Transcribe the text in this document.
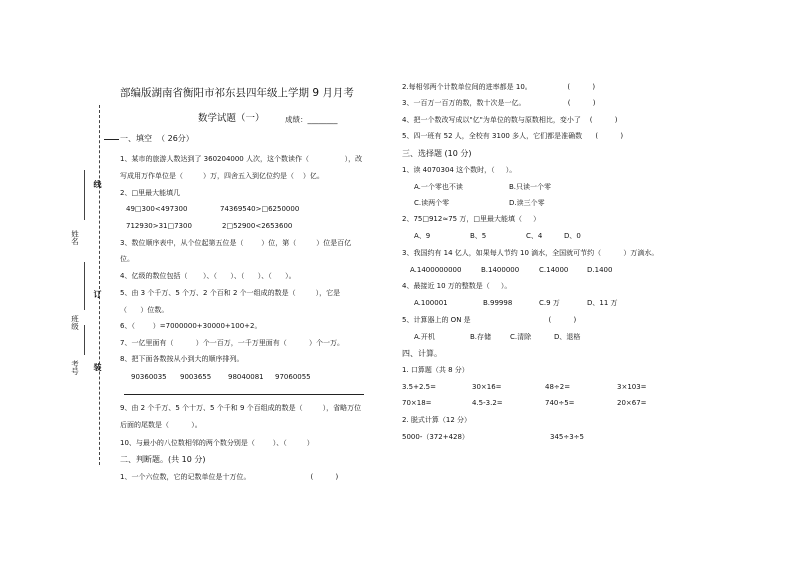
线
订
装
姓名
班级
考号
部编版湖南省衡阳市祁东县四年级上学期 9 月月考
数学试题（一）	成绩：________
一、填空  （ 26分）
1、某市的旅游人数达到了 360204000 人次，这个数读作（                ），改
写成用万作单位是（         ）万，四舍五入到亿位约是（    ）亿。
2、□里最大能填几
49□300<497300	74369540>□6250000
712930>31□7300	2□52900<2653600
3、数位顺序表中，从个位起第五位是（        ）位，第（         ）位是百亿
位。
4、亿级的数位包括（       ）、（      ）、（      ）、（      ）。
5、由 3 个千万、5 个万、2 个百和 2 个一组成的数是（         ），它是
（      ）位数。
6、（        ）=7000000+30000+100+2。
7、一亿里面有（          ）个一百万，一千万里面有（          ）个一万。
8、把下面各数按从小到大的顺序排列。
90360035 9003655 98040081 97060055
9、由 2 个千万、5 个十万、5 个千和 9 个百组成的数是（         ），省略万位
后面的尾数是（          ）。
10、与最小的八位数相邻的两个数分别是（        ）、（         ）
二、判断题。(共 10 分)
1、一个六位数，它的记数单位是十万位。                           (          )
2.每相邻两个计数单位间的进率都是 10。                (          )
3、一百万一百万的数，数十次是一亿。                   (          )
4、把一个数改写成以"亿"为单位的数与原数相比，变小了    (          )
5、四一班有 52 人，全校有 3100 多人，它们都是准确数      (          )
三、选择题 (10 分)
1、读 4070304 这个数时，（     ）。
A.一个零也不读	B.只读一个零
C.读两个零	D.读三个零
2、75□912≈75 万，□里最大能填（     ）
A、9	B、5	C、4	D、0
3、我国约有 14 亿人，如果每人节约 10 滴水，全国就可节约（          ）万滴水。
A.1400000000	B.1400000	C.14000	D.1400
4、最接近 10 万的整数是（     ）。
A.100001	B.99998	C.9 万	D、11 万
5、计算器上的 ON 是                                   (          )
A.开机	B.存储	C.清除	D、退格
四、计算。
1. 口算题（共 8 分）
3.5+2.5=	30×16=	48÷2=	3×103=
70×18=	4.5-3.2=	740÷5=	20×67=
2. 脱式计算（12 分）
5000-（372+428）	345÷3÷5
